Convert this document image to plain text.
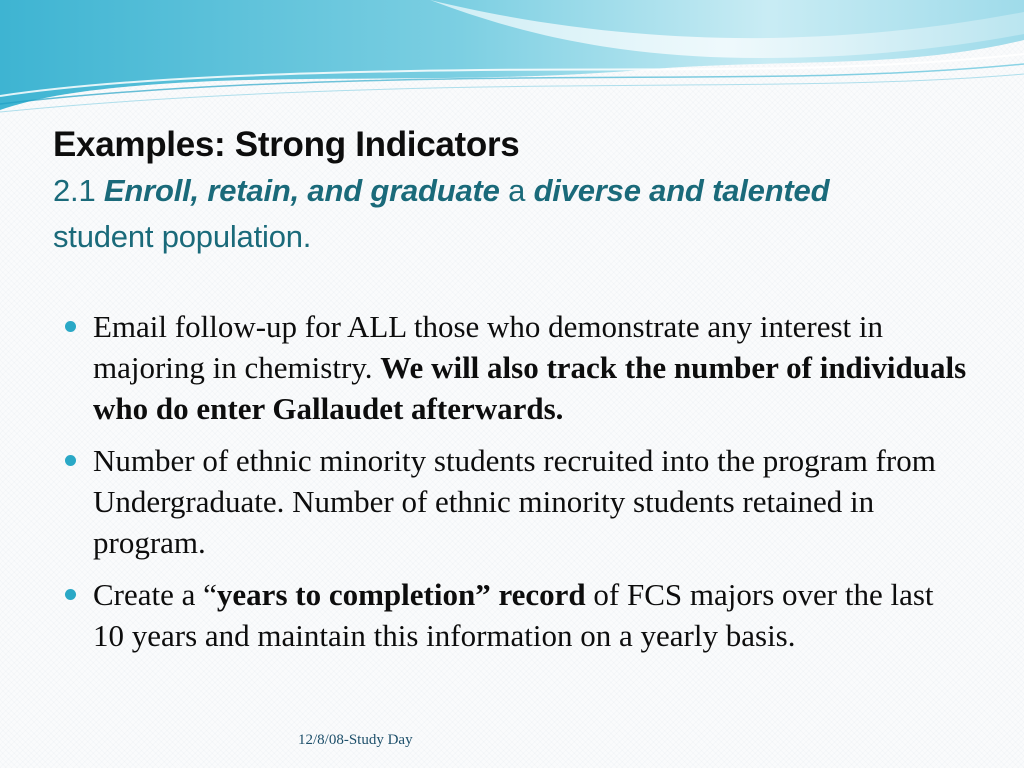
Examples: Strong Indicators
2.1 Enroll, retain, and graduate a diverse and talented
student population.
Email follow-up for ALL those who demonstrate any interest in majoring in chemistry. We will also track the number of individuals who do enter Gallaudet afterwards.
Number of ethnic minority students recruited into the program from Undergraduate. Number of ethnic minority students retained in program.
Create a “years to completion” record of FCS majors over the last 10 years and maintain this information on a yearly basis.
12/8/08-Study Day
